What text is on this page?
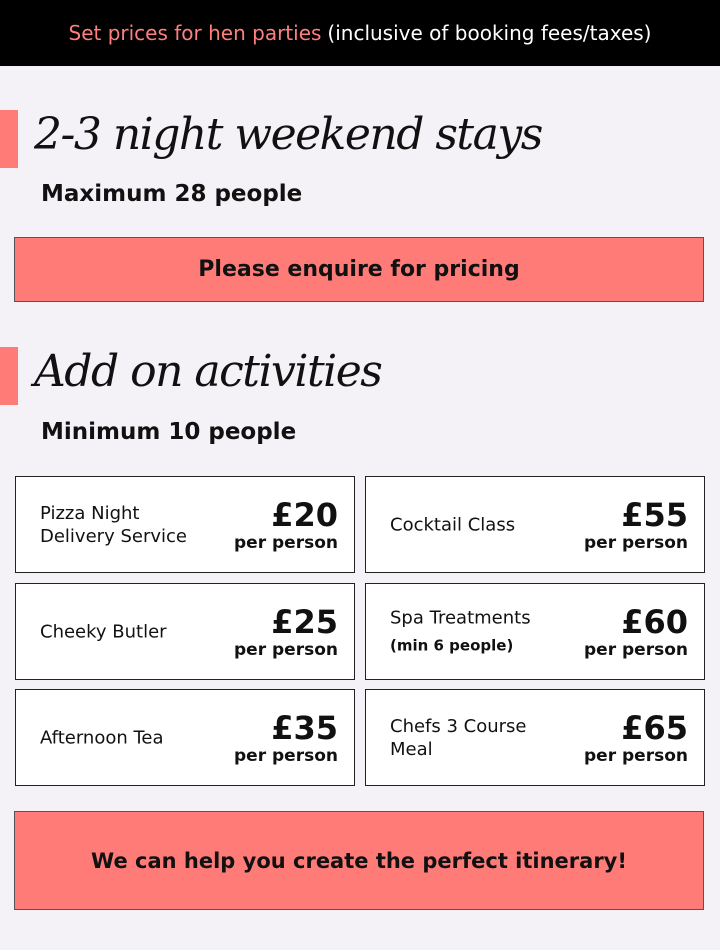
Set prices for hen parties (inclusive of booking fees/taxes)
2-3 night weekend stays
Maximum 28 people
Please enquire for pricing
Add on activities
Minimum 10 people
Pizza Night
Delivery Service
£20
per person
Cocktail Class	£55
per person
Cheeky Butler	£25
per person
Spa Treatments
(min 6 people)
£60
per person
Afternoon Tea	£35
per person
Chefs 3 Course
Meal
£65
per person
We can help you create the perfect itinerary!
